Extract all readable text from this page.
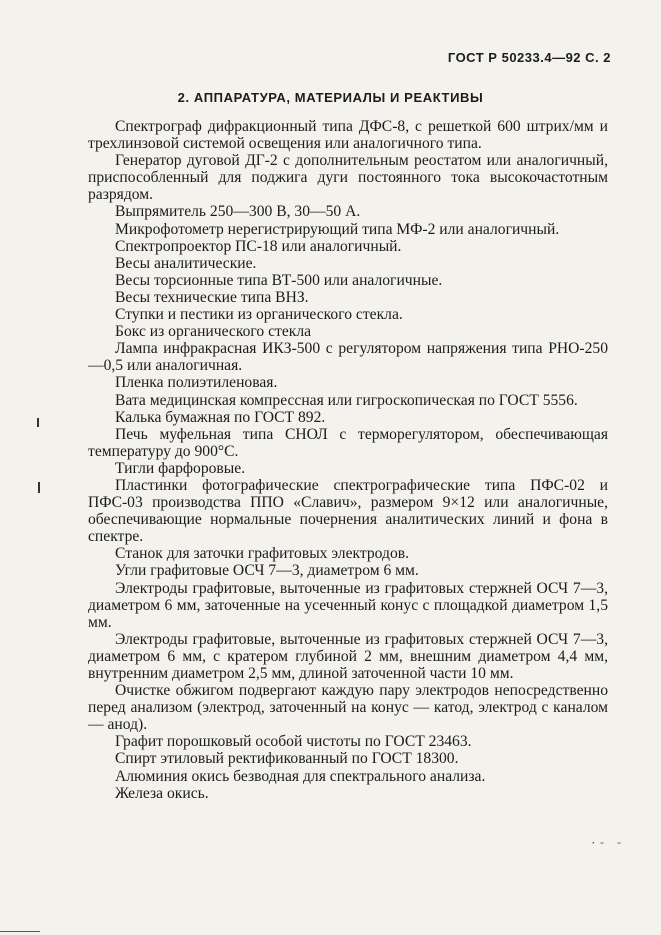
ГОСТ Р 50233.4—92 С. 2
2. АППАРАТУРА, МАТЕРИАЛЫ И РЕАКТИВЫ

Спектрограф дифракционный типа ДФС-8, с решеткой 600 штрих/мм и трехлинзовой системой освещения или аналогичного типа.

Генератор дуговой ДГ-2 с дополнительным реостатом или аналогичный, приспособленный для поджига дуги постоянного тока высокочастотным разрядом.

Выпрямитель 250—300 В, 30—50 А.

Микрофотометр нерегистрирующий типа МФ-2 или аналогичный.

Спектропроектор ПС-18 или аналогичный.

Весы аналитические.

Весы торсионные типа ВТ-500 или аналогичные.

Весы технические типа ВНЗ.

Ступки и пестики из органического стекла.

Бокс из органического стекла

Лампа инфракрасная ИКЗ-500 с регулятором напряжения типа РНО-250—0,5 или аналогичная.

Пленка полиэтиленовая.

Вата медицинская компрессная или гигроскопическая по ГОСТ 5556.

Калька бумажная по ГОСТ 892.

Печь муфельная типа СНОЛ с терморегулятором, обеспечивающая температуру до 900°С.

Тигли фарфоровые.

Пластинки фотографические спектрографические типа ПФС-02 и ПФС-03 производства ППО «Славич», размером 9×12 или аналогичные, обеспечивающие нормальные почернения аналитических линий и фона в спектре.

Станок для заточки графитовых электродов.

Угли графитовые ОСЧ 7—3, диаметром 6 мм.

Электроды графитовые, выточенные из графитовых стержней ОСЧ 7—3, диаметром 6 мм, заточенные на усеченный конус с площадкой диаметром 1,5 мм.

Электроды графитовые, выточенные из графитовых стержней ОСЧ 7—3, диаметром 6 мм, с кратером глубиной 2 мм, внешним диаметром 4,4 мм, внутренним диаметром 2,5 мм, длиной заточенной части 10 мм.

Очистке обжигом подвергают каждую пару электродов непосредственно перед анализом (электрод, заточенный на конус — катод, электрод с каналом — анод).

Графит порошковый особой чистоты по ГОСТ 23463.

Спирт этиловый ректификованный по ГОСТ 18300.

Алюминия окись безводная для спектрального анализа.

Железа окись.

·- -
